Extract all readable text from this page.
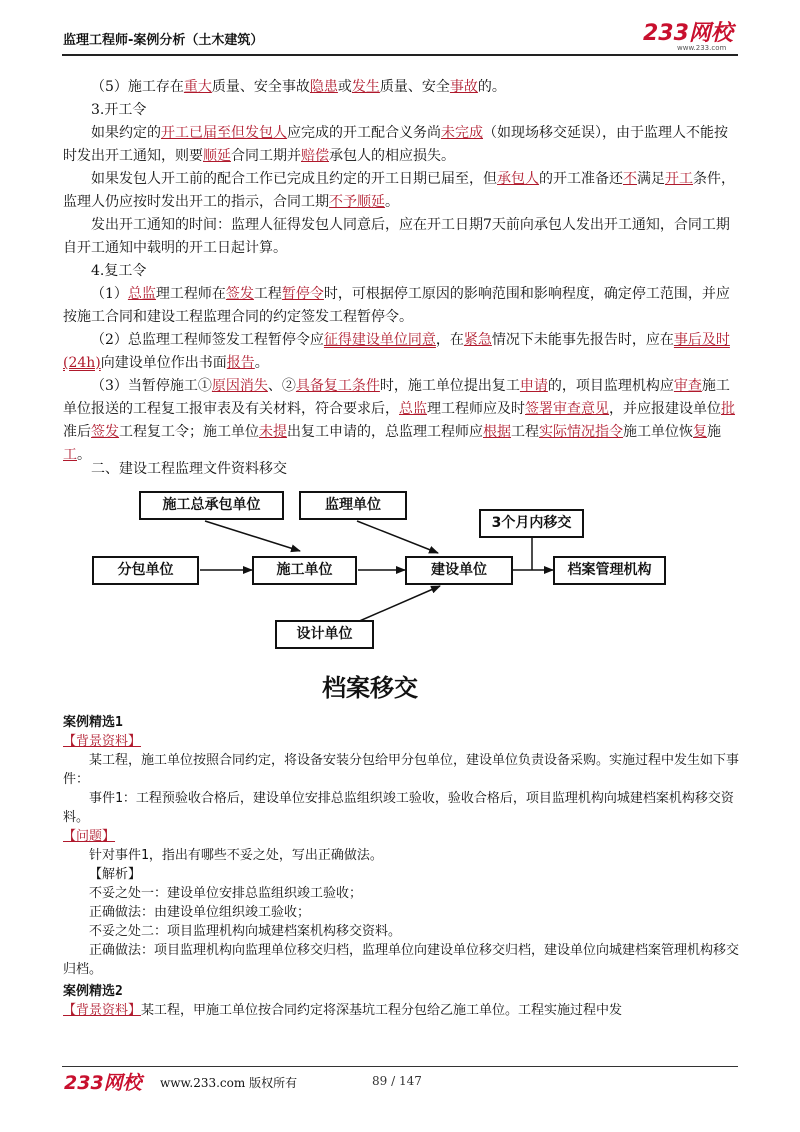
监理工程师-案例分析（土木建筑）	233网校
www.233.com
（5）施工存在重大质量、安全事故隐患或发生质量、安全事故的。
3.开工令
如果约定的开工已届至但发包人应完成的开工配合义务尚未完成（如现场移交延误），由于监理人不能按时发出开工通知，则要顺延合同工期并赔偿承包人的相应损失。
如果发包人开工前的配合工作已完成且约定的开工日期已届至，但承包人的开工准备还不满足开工条件，监理人仍应按时发出开工的指示，合同工期不予顺延。
发出开工通知的时间：监理人征得发包人同意后，应在开工日期7天前向承包人发出开工通知，合同工期自开工通知中载明的开工日起计算。
4.复工令
（1）总监理工程师在签发工程暂停令时，可根据停工原因的影响范围和影响程度，确定停工范围，并应按施工合同和建设工程监理合同的约定签发工程暂停令。
（2）总监理工程师签发工程暂停令应征得建设单位同意，在紧急情况下未能事先报告时，应在事后及时(24h)向建设单位作出书面报告。
（3）当暂停施工①原因消失、②具备复工条件时，施工单位提出复工申请的，项目监理机构应审查施工单位报送的工程复工报审表及有关材料，符合要求后，总监理工程师应及时签署审查意见，并应报建设单位批准后签发工程复工令；施工单位未提出复工申请的，总监理工程师应根据工程实际情况指令施工单位恢复施工。
二、建设工程监理文件资料移交
施工总承包单位	监理单位
3个月内移交
分包单位	施工单位	建设单位	档案管理机构
设计单位
档案移交
案例精选1
【背景资料】
某工程，施工单位按照合同约定，将设备安装分包给甲分包单位，建设单位负责设备采购。实施过程中发生如下事件：
事件1：工程预验收合格后，建设单位安排总监组织竣工验收，验收合格后，项目监理机构向城建档案机构移交资料。
【问题】
针对事件1，指出有哪些不妥之处，写出正确做法。
【解析】
不妥之处一：建设单位安排总监组织竣工验收；
正确做法：由建设单位组织竣工验收；
不妥之处二：项目监理机构向城建档案机构移交资料。
正确做法：项目监理机构向监理单位移交归档，监理单位向建设单位移交归档，建设单位向城建档案管理机构移交归档。
案例精选2
【背景资料】某工程，甲施工单位按合同约定将深基坑工程分包给乙施工单位。工程实施过程中发
233网校 www.233.com 版权所有	89 / 147
